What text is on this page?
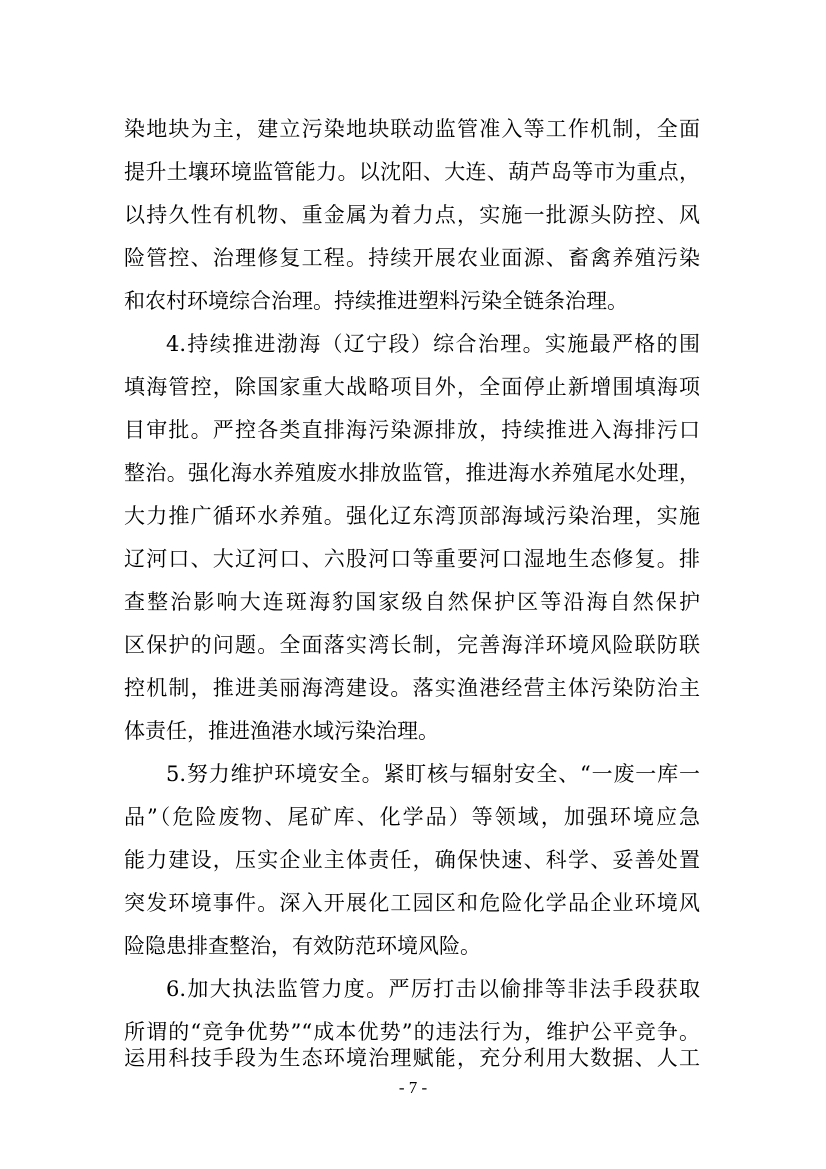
染地块为主，建立污染地块联动监管准入等工作机制，全面
提升土壤环境监管能力。以沈阳、大连、葫芦岛等市为重点，
以持久性有机物、重金属为着力点，实施一批源头防控、风
险管控、治理修复工程。持续开展农业面源、畜禽养殖污染
和农村环境综合治理。持续推进塑料污染全链条治理。
4.持续推进渤海（辽宁段）综合治理。实施最严格的围
填海管控，除国家重大战略项目外，全面停止新增围填海项
目审批。严控各类直排海污染源排放，持续推进入海排污口
整治。强化海水养殖废水排放监管，推进海水养殖尾水处理，
大力推广循环水养殖。强化辽东湾顶部海域污染治理，实施
辽河口、大辽河口、六股河口等重要河口湿地生态修复。排
查整治影响大连斑海豹国家级自然保护区等沿海自然保护
区保护的问题。全面落实湾长制，完善海洋环境风险联防联
控机制，推进美丽海湾建设。落实渔港经营主体污染防治主
体责任，推进渔港水域污染治理。
5.努力维护环境安全。紧盯核与辐射安全、“一废一库一
品”（危险废物、尾矿库、化学品）等领域，加强环境应急
能力建设，压实企业主体责任，确保快速、科学、妥善处置
突发环境事件。深入开展化工园区和危险化学品企业环境风
险隐患排查整治，有效防范环境风险。
6.加大执法监管力度。严厉打击以偷排等非法手段获取
所谓的“竞争优势”“成本优势”的违法行为，维护公平竞争。
运用科技手段为生态环境治理赋能，充分利用大数据、人工
- 7 -
